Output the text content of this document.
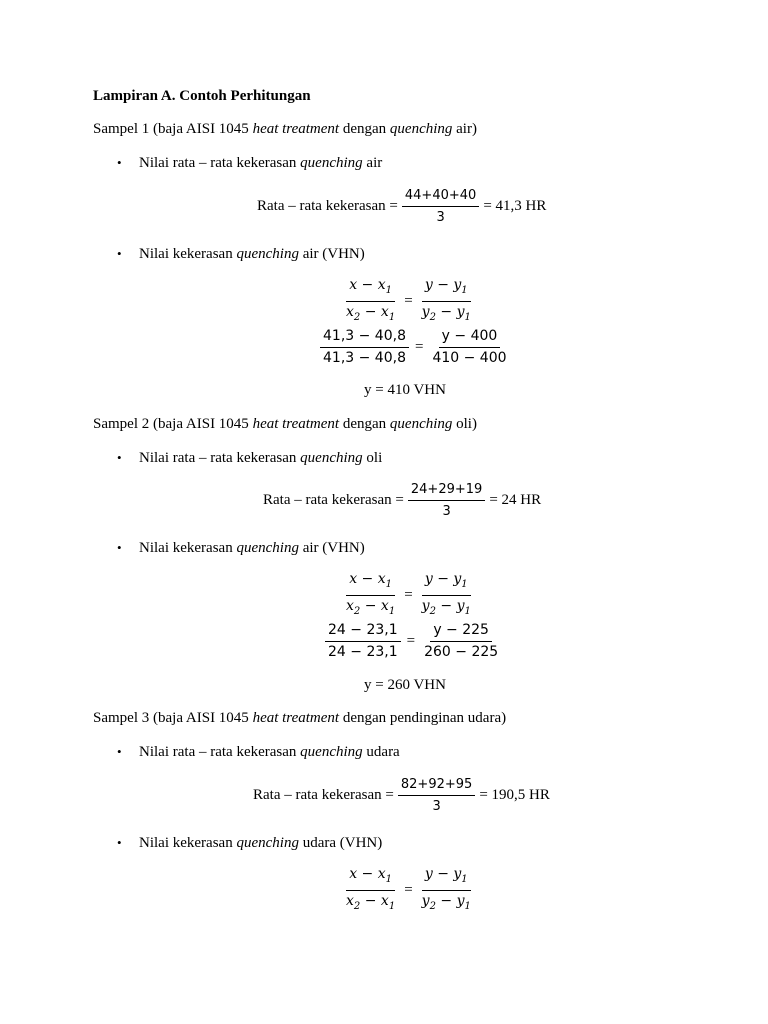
Lampiran A. Contoh Perhitungan
Sampel 1 (baja AISI 1045 heat treatment dengan quenching air)
• Nilai rata – rata kekerasan quenching air
Rata – rata kekerasan = $\frac{44+40+40}{3} = 41,3$ HR
• Nilai kekerasan quenching air (VHN)
$\frac{x - x_1}{x_2 - x_1} = \frac{y - y_1}{y_2 - y_1}$
$\frac{41,3 - 40,8}{41,3 - 40,8} = \frac{y - 400}{410 - 400}$
y = 410 VHN
Sampel 2 (baja AISI 1045 heat treatment dengan quenching oli)
• Nilai rata – rata kekerasan quenching oli
Rata – rata kekerasan = $\frac{24+29+19}{3} = 24$ HR
• Nilai kekerasan quenching air (VHN)
$\frac{x - x_1}{x_2 - x_1} = \frac{y - y_1}{y_2 - y_1}$
$\frac{24 - 23,1}{24 - 23,1} = \frac{y - 225}{260 - 225}$
y = 260 VHN
Sampel 3 (baja AISI 1045 heat treatment dengan pendinginan udara)
• Nilai rata – rata kekerasan quenching udara
Rata – rata kekerasan = $\frac{82+92+95}{3} = 190,5$ HR
• Nilai kekerasan quenching udara (VHN)
$\frac{x - x_1}{x_2 - x_1} = \frac{y - y_1}{y_2 - y_1}$
